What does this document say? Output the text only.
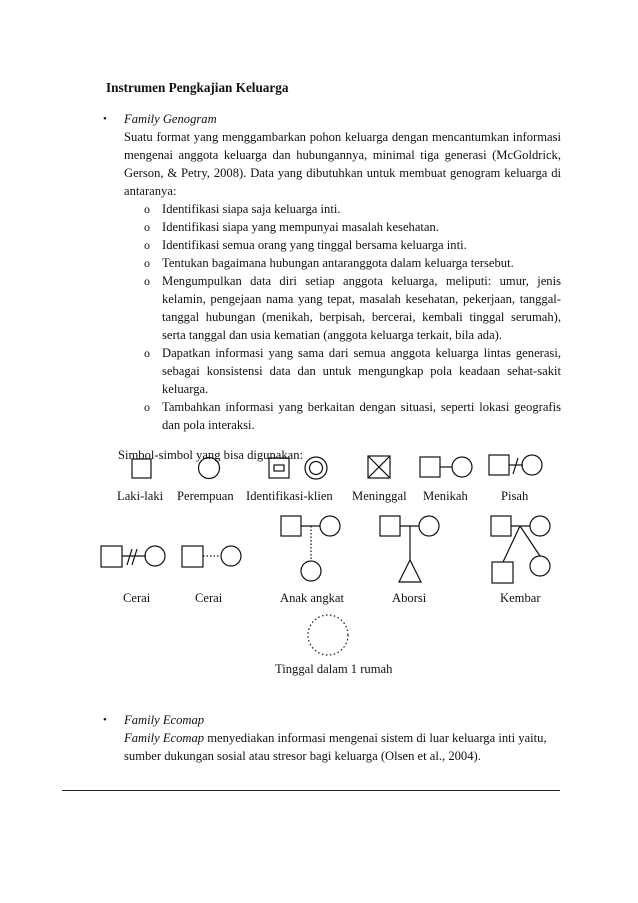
Instrumen Pengkajian Keluarga
• Family Genogram
Suatu format yang menggambarkan pohon keluarga dengan mencantumkan informasi
mengenai anggota keluarga dan hubungannya, minimal tiga generasi (McGoldrick,
Gerson, & Petry, 2008). Data yang dibutuhkan untuk membuat genogram keluarga di
antaranya:
o Identifikasi siapa saja keluarga inti.
o Identifikasi siapa yang mempunyai masalah kesehatan.
o Identifikasi semua orang yang tinggal bersama keluarga inti.
o Tentukan bagaimana hubungan antaranggota dalam keluarga tersebut.
o Mengumpulkan data diri setiap anggota keluarga, meliputi: umur, jenis
kelamin, pengejaan nama yang tepat, masalah kesehatan, pekerjaan, tanggal-
tanggal hubungan (menikah, berpisah, bercerai, kembali tinggal serumah),
serta tanggal dan usia kematian (anggota keluarga terkait, bila ada).
o Dapatkan informasi yang sama dari semua anggota keluarga lintas generasi,
sebagai konsistensi data dan untuk mengungkap pola keadaan sehat-sakit
keluarga.
o Tambahkan informasi yang berkaitan dengan situasi, seperti lokasi geografis
dan pola interaksi.
Simbol-simbol yang bisa digunakan:
Laki-laki Perempuan Identifikasi-klien Meninggal Menikah	Pisah
Cerai	Cerai	Anak angkat	Aborsi	Kembar
Tinggal dalam 1 rumah
• Family Ecomap
Family Ecomap menyediakan informasi mengenai sistem di luar keluarga inti yaitu,
sumber dukungan sosial atau stresor bagi keluarga (Olsen et al., 2004).
